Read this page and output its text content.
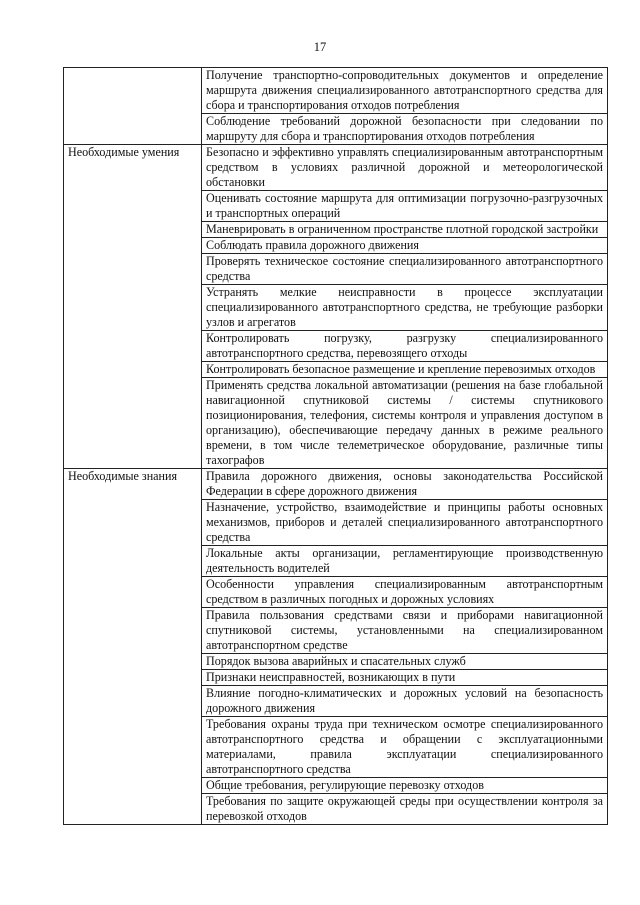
17
	Получение транспортно-сопроводительных документов и определение маршрута движения специализированного автотранспортного средства для сбора и транспортирования отходов потребления
	Соблюдение требований дорожной безопасности при следовании по маршруту для сбора и транспортирования отходов потребления
Необходимые умения	Безопасно и эффективно управлять специализированным автотранспортным средством в условиях различной дорожной и метеорологической обстановки
	Оценивать состояние маршрута для оптимизации погрузочно-разгрузочных и транспортных операций
	Маневрировать в ограниченном пространстве плотной городской застройки
	Соблюдать правила дорожного движения
	Проверять техническое состояние специализированного автотранспортного средства
	Устранять мелкие неисправности в процессе эксплуатации специализированного автотранспортного средства, не требующие разборки узлов и агрегатов
	Контролировать погрузку, разгрузку специализированного автотранспортного средства, перевозящего отходы
	Контролировать безопасное размещение и крепление перевозимых отходов
	Применять средства локальной автоматизации (решения на базе глобальной навигационной спутниковой системы / системы спутникового позиционирования, телефония, системы контроля и управления доступом в организацию), обеспечивающие передачу данных в режиме реального времени, в том числе телеметрическое оборудование, различные типы тахографов
Необходимые знания	Правила дорожного движения, основы законодательства Российской Федерации в сфере дорожного движения
	Назначение, устройство, взаимодействие и принципы работы основных механизмов, приборов и деталей специализированного автотранспортного средства
	Локальные акты организации, регламентирующие производственную деятельность водителей
	Особенности управления специализированным автотранспортным средством в различных погодных и дорожных условиях
	Правила пользования средствами связи и приборами навигационной спутниковой системы, установленными на специализированном автотранспортном средстве
	Порядок вызова аварийных и спасательных служб
	Признаки неисправностей, возникающих в пути
	Влияние погодно-климатических и дорожных условий на безопасность дорожного движения
	Требования охраны труда при техническом осмотре специализированного автотранспортного средства и обращении с эксплуатационными материалами, правила эксплуатации специализированного автотранспортного средства
	Общие требования, регулирующие перевозку отходов
	Требования по защите окружающей среды при осуществлении контроля за перевозкой отходов
